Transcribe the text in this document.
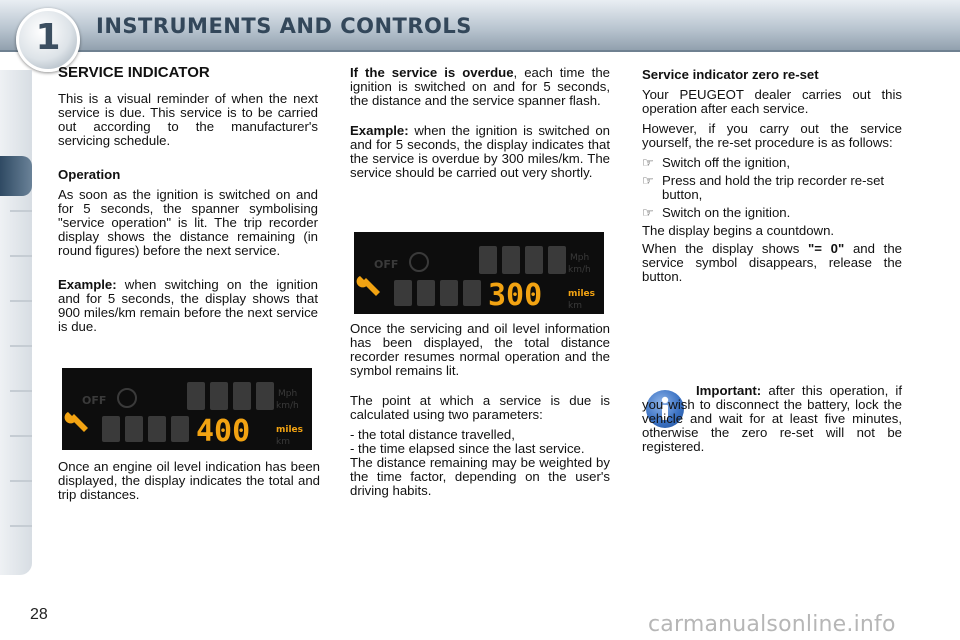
1	INSTRUMENTS AND CONTROLS

SERVICE INDICATOR

This is a visual reminder of when the next service is due. This service is to be carried out according to the manufacturer's servicing schedule.

Operation

As soon as the ignition is switched on and for 5 seconds, the spanner symbolising "service operation" is lit. The trip recorder display shows the distance remaining (in round figures) before the next service.

Example: when switching on the ignition and for 5 seconds, the display shows that 900 miles/km remain before the next service is due.

OFF	Mph
km/h
400	miles
km

Once an engine oil level indication has been displayed, the display indicates the total and trip distances.

If the service is overdue, each time the ignition is switched on and for 5 seconds, the distance and the service spanner flash.

Example: when the ignition is switched on and for 5 seconds, the display indicates that the service is overdue by 300 miles/km. The service should be carried out very shortly.

OFF	Mph
km/h
300	miles
km

Once the servicing and oil level information has been displayed, the total distance recorder resumes normal operation and the symbol remains lit.

The point at which a service is due is calculated using two parameters:

- the total distance travelled,

- the time elapsed since the last service.

The distance remaining may be weighted by the time factor, depending on the user's driving habits.

Service indicator zero re-set

Your PEUGEOT dealer carries out this operation after each service.

However, if you carry out the service yourself, the re-set procedure is as follows:

☞ Switch off the ignition,
☞ Press and hold the trip recorder re-set button,
☞ Switch on the ignition.

The display begins a countdown.

When the display shows "= 0" and the service symbol disappears, release the button.

Important: after this operation, if you wish to disconnect the battery, lock the vehicle and wait for at least five minutes, otherwise the zero re-set will not be registered.

28	carmanualsonline.info
